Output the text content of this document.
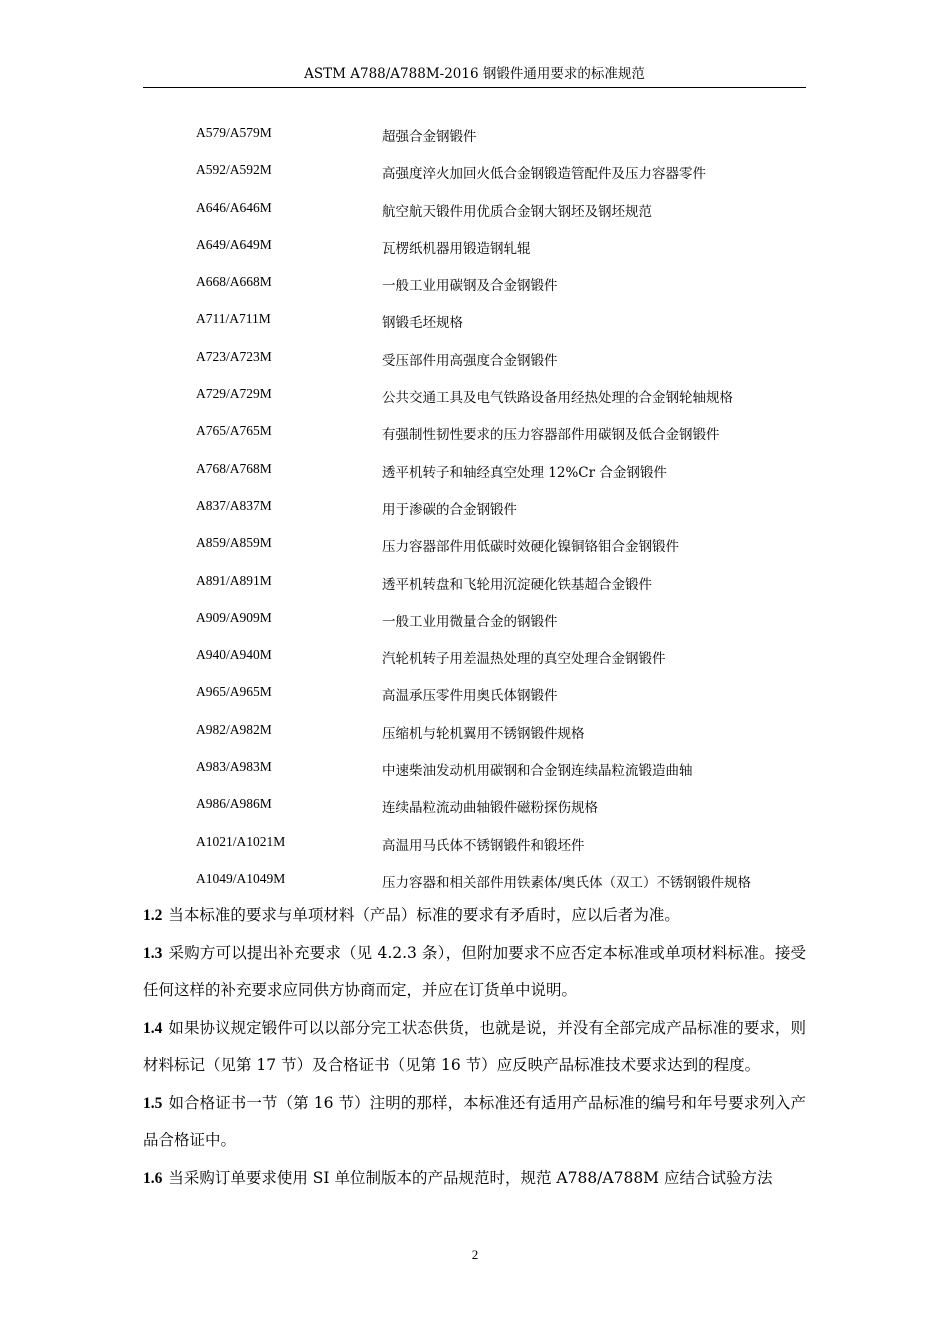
ASTM A788/A788M-2016 钢锻件通用要求的标准规范
A579/A579M	超强合金钢锻件
A592/A592M	高强度淬火加回火低合金钢锻造管配件及压力容器零件
A646/A646M	航空航天锻件用优质合金钢大钢坯及钢坯规范
A649/A649M	瓦楞纸机器用锻造钢轧辊
A668/A668M	一般工业用碳钢及合金钢锻件
A711/A711M	钢锻毛坯规格
A723/A723M	受压部件用高强度合金钢锻件
A729/A729M	公共交通工具及电气铁路设备用经热处理的合金钢轮轴规格
A765/A765M	有强制性韧性要求的压力容器部件用碳钢及低合金钢锻件
A768/A768M	透平机转子和轴经真空处理 12%Cr 合金钢锻件
A837/A837M	用于渗碳的合金钢锻件
A859/A859M	压力容器部件用低碳时效硬化镍铜铬钼合金钢锻件
A891/A891M	透平机转盘和飞轮用沉淀硬化铁基超合金锻件
A909/A909M	一般工业用微量合金的钢锻件
A940/A940M	汽轮机转子用差温热处理的真空处理合金钢锻件
A965/A965M	高温承压零件用奥氏体钢锻件
A982/A982M	压缩机与轮机翼用不锈钢锻件规格
A983/A983M	中速柴油发动机用碳钢和合金钢连续晶粒流锻造曲轴
A986/A986M	连续晶粒流动曲轴锻件磁粉探伤规格
A1021/A1021M	高温用马氏体不锈钢锻件和锻坯件
A1049/A1049M	压力容器和相关部件用铁素体/奥氏体（双工）不锈钢锻件规格

1.2 当本标准的要求与单项材料（产品）标准的要求有矛盾时，应以后者为准。

1.3 采购方可以提出补充要求（见 4.2.3 条），但附加要求不应否定本标准或单项材料标准。接受任何这样的补充要求应同供方协商而定，并应在订货单中说明。

1.4 如果协议规定锻件可以以部分完工状态供货，也就是说，并没有全部完成产品标准的要求，则材料标记（见第 17 节）及合格证书（见第 16 节）应反映产品标准技术要求达到的程度。

1.5 如合格证书一节（第 16 节）注明的那样，本标准还有适用产品标准的编号和年号要求列入产品合格证中。

1.6 当采购订单要求使用 SI 单位制版本的产品规范时，规范 A788/A788M 应结合试验方法

2
